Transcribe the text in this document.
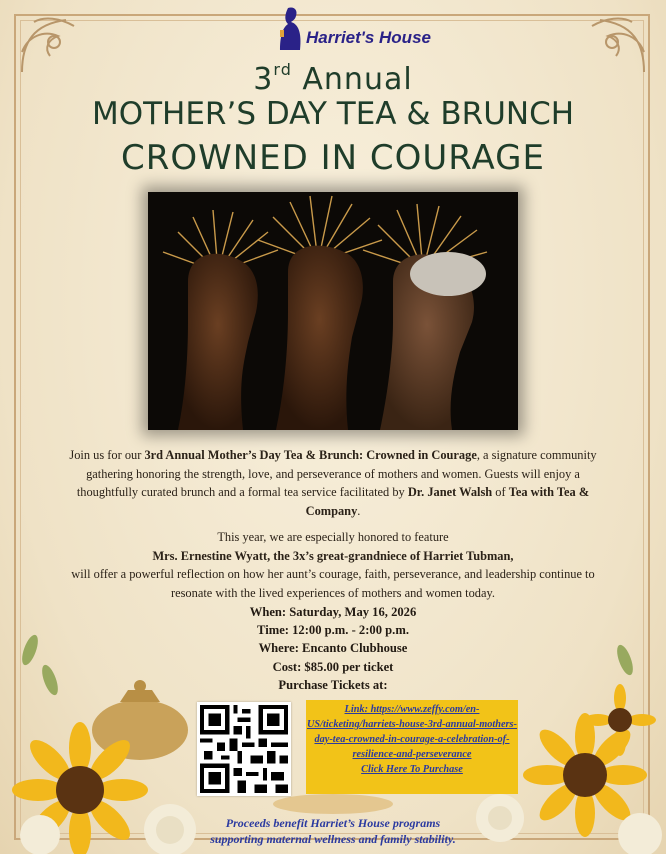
Harriet's House
3rd Annual
MOTHER’S DAY TEA & BRUNCH
CROWNED IN COURAGE
Join us for our 3rd Annual Mother’s Day Tea & Brunch: Crowned in Courage, a signature community gathering honoring the strength, love, and perseverance of mothers and women. Guests will enjoy a thoughtfully curated brunch and a formal tea service facilitated by Dr. Janet Walsh of Tea with Tea & Company.
This year, we are especially honored to feature
Mrs. Ernestine Wyatt, the 3x’s great-grandniece of Harriet Tubman,
will offer a powerful reflection on how her aunt’s courage, faith, perseverance, and leadership continue to resonate with the lived experiences of mothers and women today.
When: Saturday, May 16, 2026
Time: 12:00 p.m. - 2:00 p.m.
Where: Encanto Clubhouse
Cost: $85.00 per ticket
Purchase Tickets at:
Link: https://www.zeffy.com/en-US/ticketing/harriets-house-3rd-annual-mothers-day-tea-crowned-in-courage-a-celebration-of-resilience-and-perseverance
Click Here To Purchase
Proceeds benefit Harriet’s House programs
supporting maternal wellness and family stability.
